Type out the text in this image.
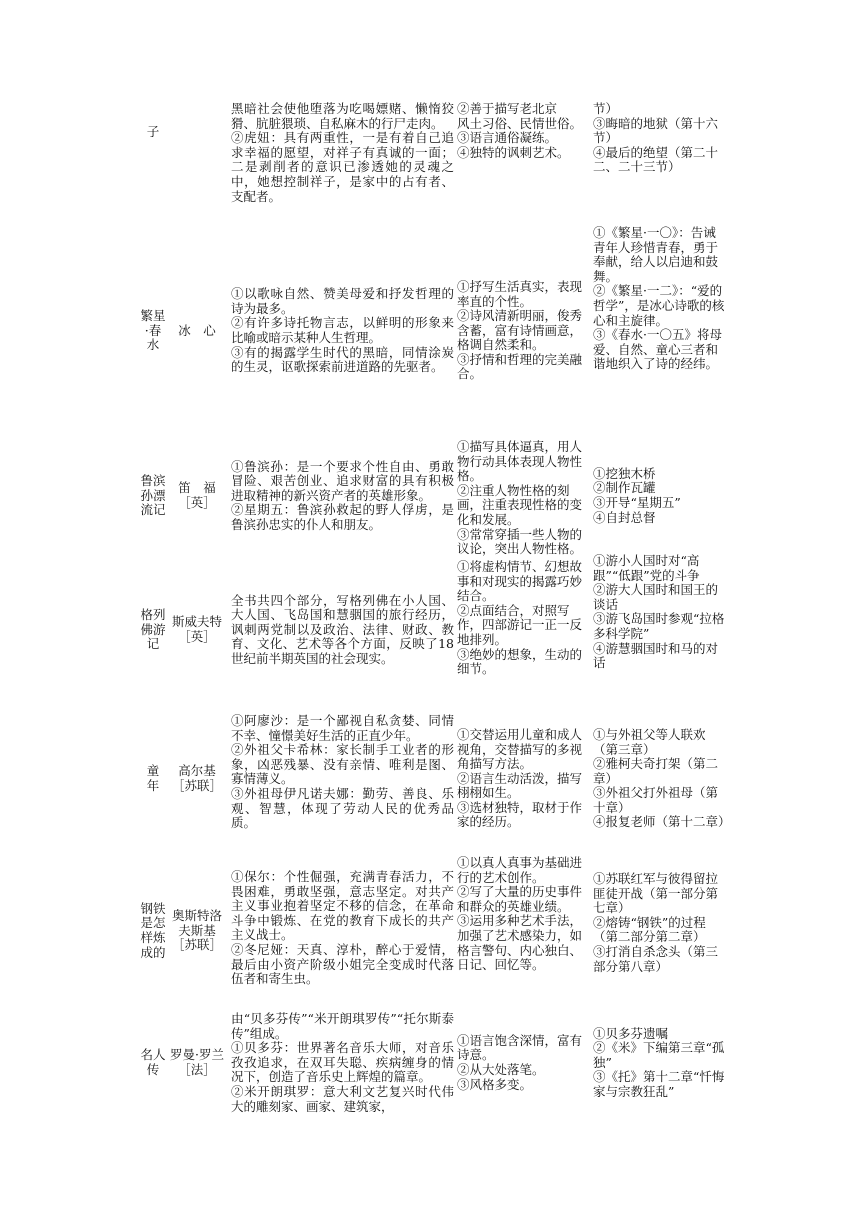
子
黑暗社会使他堕落为吃喝嫖赌、懒惰狡猾、肮脏猥琐、自私麻木的行尸走肉。
②虎妞：具有两重性，一是有着自己追求幸福的愿望，对祥子有真诚的一面；二是剥削者的意识已渗透她的灵魂之中，她想控制祥子，是家中的占有者、支配者。
②善于描写老北京
风土习俗、民情世俗。
③语言通俗凝练。
④独特的讽刺艺术。
节）
③晦暗的地狱（第十六节）
④最后的绝望（第二十二、二十三节）
繁星·春水
冰　心
①以歌咏自然、赞美母爱和抒发哲理的诗为最多。
②有许多诗托物言志，以鲜明的形象来比喻或暗示某种人生哲理。
③有的揭露学生时代的黑暗，同情涂炭的生灵，讴歌探索前进道路的先驱者。
①抒写生活真实，表现率直的个性。
②诗风清新明丽，俊秀含蓄，富有诗情画意，格调自然柔和。
③抒情和哲理的完美融合。
①《繁星·一〇》：告诫青年人珍惜青春，勇于奉献，给人以启迪和鼓舞。
②《繁星·一二》：“爱的哲学”，是冰心诗歌的核心和主旋律。
③《春水·一〇五》将母爱、自然、童心三者和谐地织入了诗的经纬。
鲁滨孙漂流记
笛　福［英］
①鲁滨孙：是一个要求个性自由、勇敢冒险、艰苦创业、追求财富的具有积极进取精神的新兴资产者的英雄形象。
②星期五：鲁滨孙救起的野人俘虏，是鲁滨孙忠实的仆人和朋友。
①描写具体逼真，用人物行动具体表现人物性格。
②注重人物性格的刻画，注重表现性格的变化和发展。
③常常穿插一些人物的议论，突出人物性格。
①挖独木桥
②制作瓦罐
③开导“星期五”
④自封总督
格列佛游记
斯威夫特［英］
全书共四个部分，写格列佛在小人国、大人国、飞岛国和慧骃国的旅行经历，讽刺两党制以及政治、法律、财政、教育、文化、艺术等各个方面，反映了18世纪前半期英国的社会现实。
①将虚构情节、幻想故事和对现实的揭露巧妙结合。
②点面结合，对照写作，四部游记一正一反地排列。
③绝妙的想象，生动的细节。
①游小人国时对“高跟”“低跟”党的斗争
②游大人国时和国王的谈话
③游飞岛国时参观“拉格多科学院”
④游慧骃国时和马的对话
童　年
高尔基［苏联］
①阿廖沙：是一个鄙视自私贪婪、同情不幸、憧憬美好生活的正直少年。
②外祖父卡希林：家长制手工业者的形象，凶恶残暴、没有亲情、唯利是图、寡情薄义。
③外祖母伊凡诺夫娜：勤劳、善良、乐观、智慧，体现了劳动人民的优秀品质。
①交替运用儿童和成人视角，交替描写的多视角描写方法。
②语言生动活泼，描写栩栩如生。
③选材独特，取材于作家的经历。
①与外祖父等人联欢（第三章）
②雅柯夫奇打架（第二章）
③外祖父打外祖母（第十章）
④报复老师（第十二章）
钢铁是怎样炼成的
奥斯特洛夫斯基［苏联］
①保尔：个性倔强，充满青春活力，不畏困难，勇敢坚强，意志坚定。对共产主义事业抱着坚定不移的信念，在革命斗争中锻炼、在党的教育下成长的共产主义战士。
②冬尼娅：天真、淳朴，醉心于爱情，最后由小资产阶级小姐完全变成时代落伍者和寄生虫。
①以真人真事为基础进行的艺术创作。
②写了大量的历史事件和群众的英雄业绩。
③运用多种艺术手法，加强了艺术感染力，如格言警句、内心独白、日记、回忆等。
①苏联红军与彼得留拉匪徒开战（第一部分第七章）
②熔铸“钢铁”的过程（第二部分第二章）
③打消自杀念头（第三部分第八章）
名人传
罗曼·罗兰［法］
由“贝多芬传”“米开朗琪罗传”“托尔斯泰传”组成。
①贝多芬：世界著名音乐大师，对音乐孜孜追求，在双耳失聪、疾病缠身的情况下，创造了音乐史上辉煌的篇章。
②米开朗琪罗：意大利文艺复兴时代伟大的雕刻家、画家、建筑家，
①语言饱含深情，富有诗意。
②从大处落笔。
③风格多变。
①贝多芬遗嘱
②《米》下编第三章“孤独”
③《托》第十二章“忏悔家与宗教狂乱”
